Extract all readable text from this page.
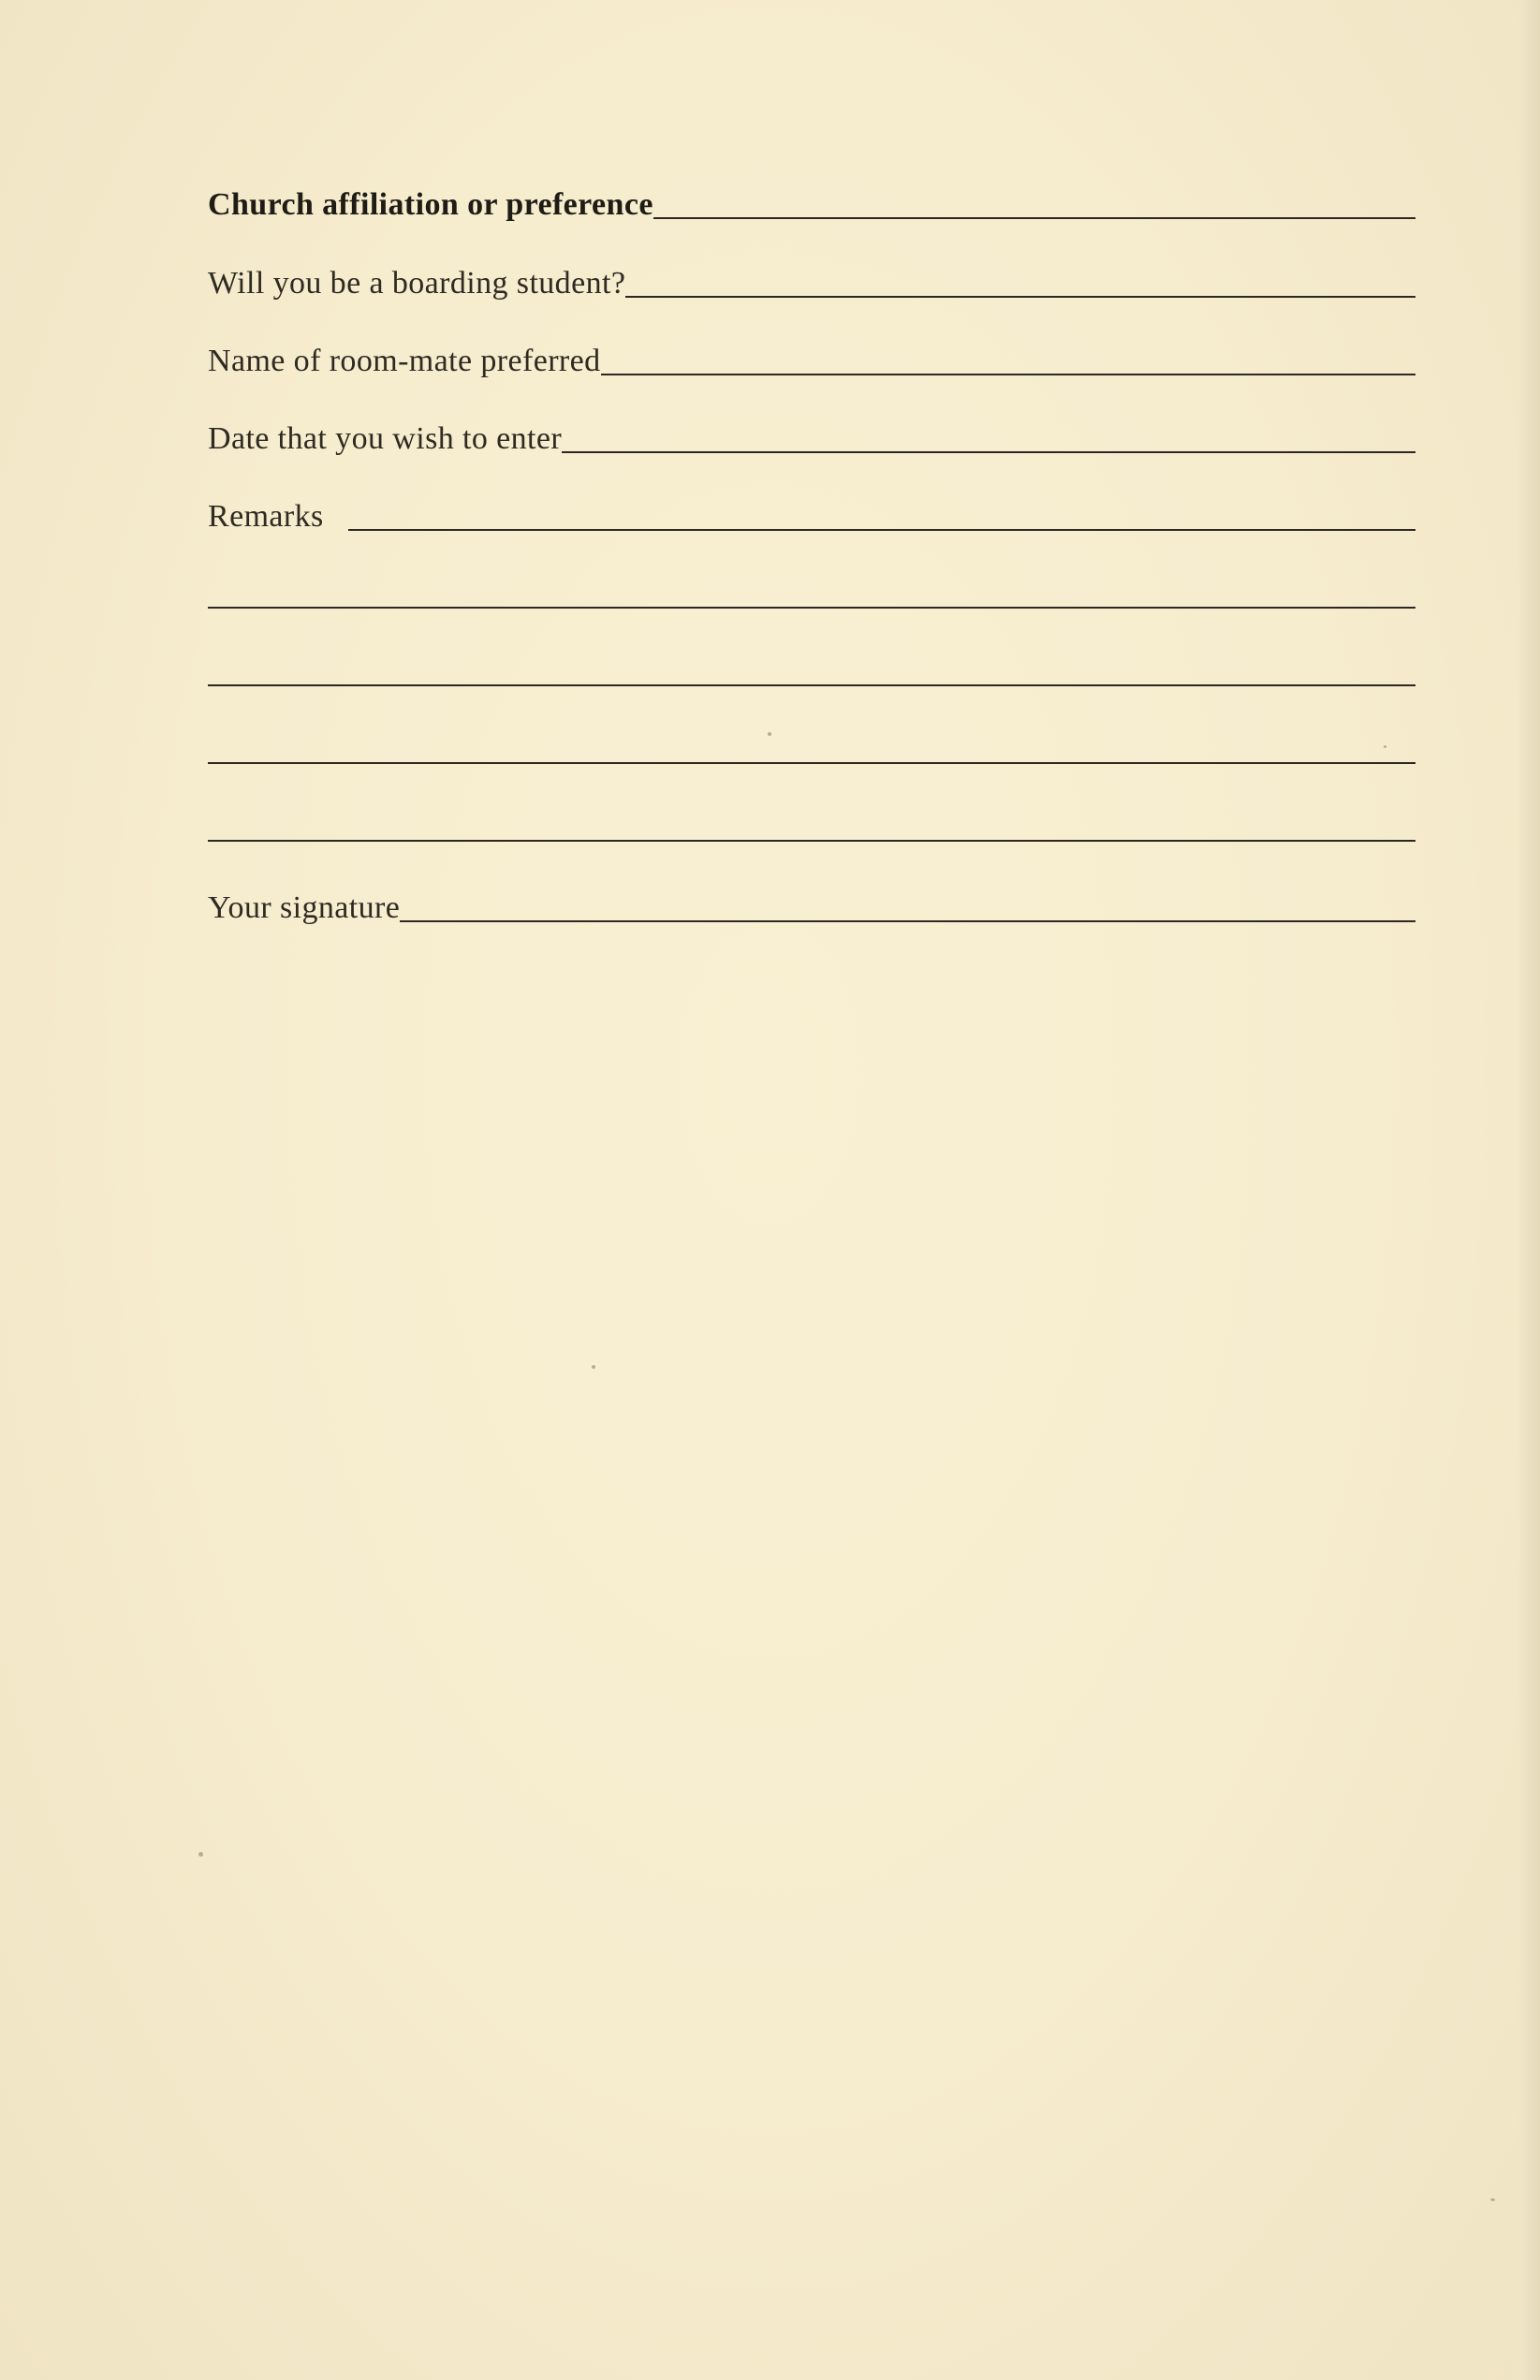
Church affiliation or preference
Will you be a boarding student?
Name of room-mate preferred
Date that you wish to enter
Remarks
Your signature
